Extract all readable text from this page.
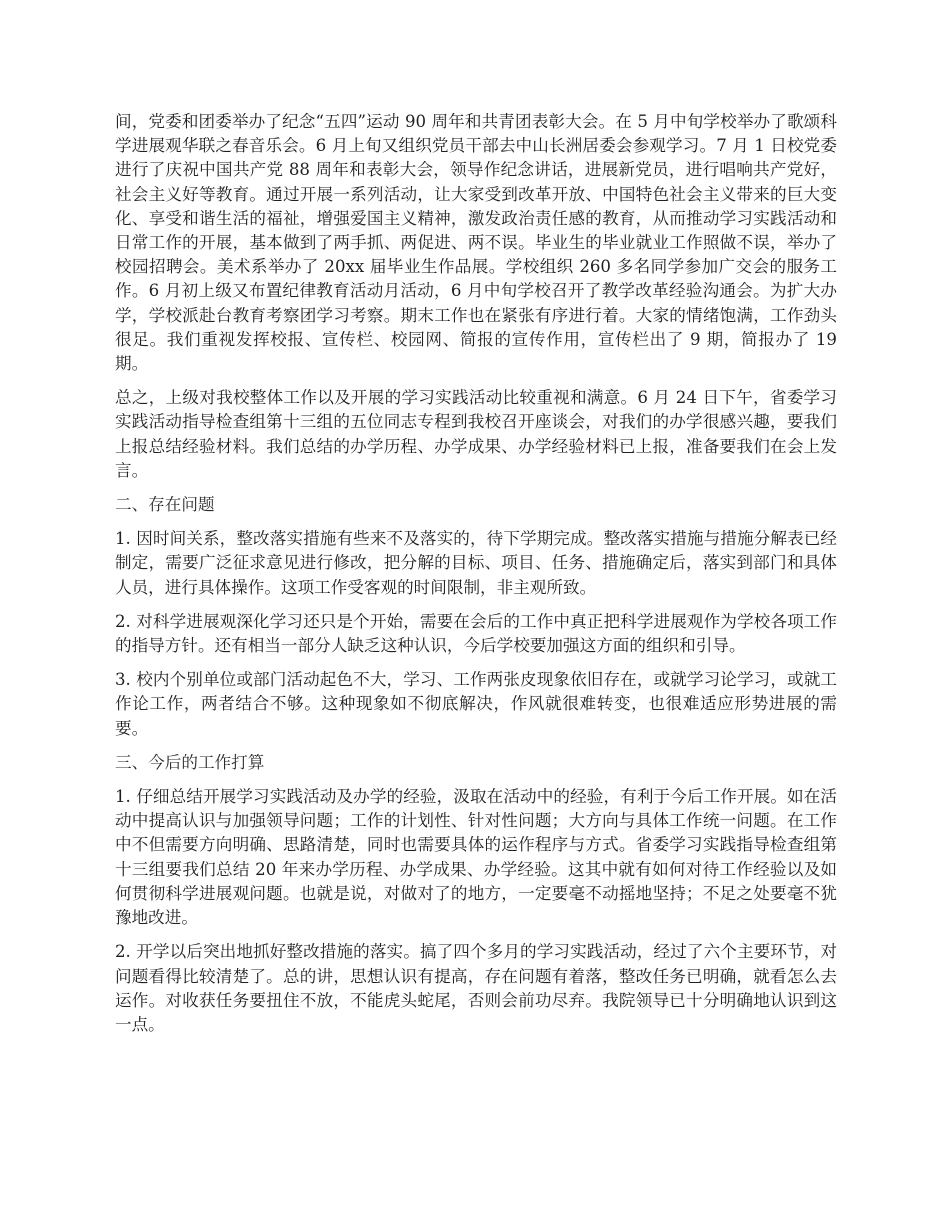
间，党委和团委举办了纪念“五四”运动 90 周年和共青团表彰大会。在 5 月中旬学校举办了歌颂科学进展观华联之春音乐会。6 月上旬又组织党员干部去中山长洲居委会参观学习。7 月 1 日校党委进行了庆祝中国共产党 88 周年和表彰大会，领导作纪念讲话，进展新党员，进行唱响共产党好，社会主义好等教育。通过开展一系列活动，让大家受到改革开放、中国特色社会主义带来的巨大变化、享受和谐生活的福祉，增强爱国主义精神，激发政治责任感的教育，从而推动学习实践活动和日常工作的开展，基本做到了两手抓、两促进、两不误。毕业生的毕业就业工作照做不误，举办了校园招聘会。美术系举办了 20xx 届毕业生作品展。学校组织 260 多名同学参加广交会的服务工作。6 月初上级又布置纪律教育活动月活动，6 月中旬学校召开了教学改革经验沟通会。为扩大办学，学校派赴台教育考察团学习考察。期末工作也在紧张有序进行着。大家的情绪饱满，工作劲头很足。我们重视发挥校报、宣传栏、校园网、简报的宣传作用，宣传栏出了 9 期，简报办了 19 期。

总之，上级对我校整体工作以及开展的学习实践活动比较重视和满意。6 月 24 日下午，省委学习实践活动指导检查组第十三组的五位同志专程到我校召开座谈会，对我们的办学很感兴趣，要我们上报总结经验材料。我们总结的办学历程、办学成果、办学经验材料已上报，准备要我们在会上发言。

二、存在问题

1. 因时间关系，整改落实措施有些来不及落实的，待下学期完成。整改落实措施与措施分解表已经制定，需要广泛征求意见进行修改，把分解的目标、项目、任务、措施确定后，落实到部门和具体人员，进行具体操作。这项工作受客观的时间限制，非主观所致。

2. 对科学进展观深化学习还只是个开始，需要在会后的工作中真正把科学进展观作为学校各项工作的指导方针。还有相当一部分人缺乏这种认识，今后学校要加强这方面的组织和引导。

3. 校内个别单位或部门活动起色不大，学习、工作两张皮现象依旧存在，或就学习论学习，或就工作论工作，两者结合不够。这种现象如不彻底解决，作风就很难转变，也很难适应形势进展的需要。

三、今后的工作打算

1. 仔细总结开展学习实践活动及办学的经验，汲取在活动中的经验，有利于今后工作开展。如在活动中提高认识与加强领导问题；工作的计划性、针对性问题；大方向与具体工作统一问题。在工作中不但需要方向明确、思路清楚，同时也需要具体的运作程序与方式。省委学习实践指导检查组第十三组要我们总结 20 年来办学历程、办学成果、办学经验。这其中就有如何对待工作经验以及如何贯彻科学进展观问题。也就是说，对做对了的地方，一定要毫不动摇地坚持；不足之处要毫不犹豫地改进。

2. 开学以后突出地抓好整改措施的落实。搞了四个多月的学习实践活动，经过了六个主要环节，对问题看得比较清楚了。总的讲，思想认识有提高，存在问题有着落，整改任务已明确，就看怎么去运作。对收获任务要扭住不放，不能虎头蛇尾，否则会前功尽弃。我院领导已十分明确地认识到这一点。
